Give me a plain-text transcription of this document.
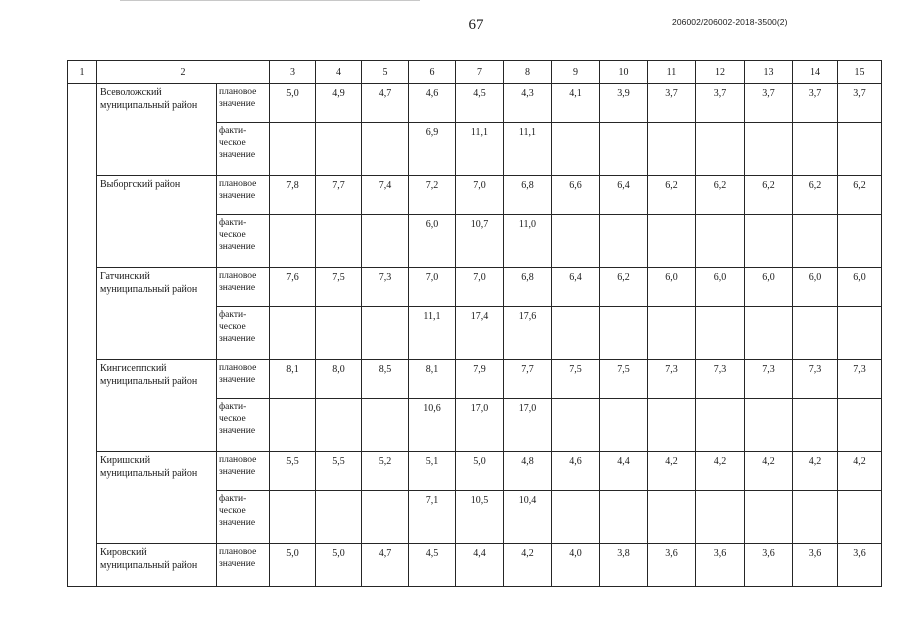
67	206002/206002-2018-3500(2)
1	2		3	4	5	6	7	8	9	10	11	12	13	14	15
	Всеволожский муниципальный район	плановое значение	5,0	4,9	4,7	4,6	4,5	4,3	4,1	3,9	3,7	3,7	3,7	3,7	3,7
		факти-
ческое
значение				6,9	11,1	11,1							
	Выборгский район	плановое значение	7,8	7,7	7,4	7,2	7,0	6,8	6,6	6,4	6,2	6,2	6,2	6,2	6,2
		факти-
ческое
значение				6,0	10,7	11,0							
	Гатчинский муниципальный район	плановое значение	7,6	7,5	7,3	7,0	7,0	6,8	6,4	6,2	6,0	6,0	6,0	6,0	6,0
		факти-
ческое
значение				11,1	17,4	17,6							
	Кингисеппский муниципальный район	плановое значение	8,1	8,0	8,5	8,1	7,9	7,7	7,5	7,5	7,3	7,3	7,3	7,3	7,3
		факти-
ческое
значение				10,6	17,0	17,0							
	Киришский муниципальный район	плановое значение	5,5	5,5	5,2	5,1	5,0	4,8	4,6	4,4	4,2	4,2	4,2	4,2	4,2
		факти-
ческое
значение				7,1	10,5	10,4							
	Кировский муниципальный район	плановое значение	5,0	5,0	4,7	4,5	4,4	4,2	4,0	3,8	3,6	3,6	3,6	3,6	3,6
